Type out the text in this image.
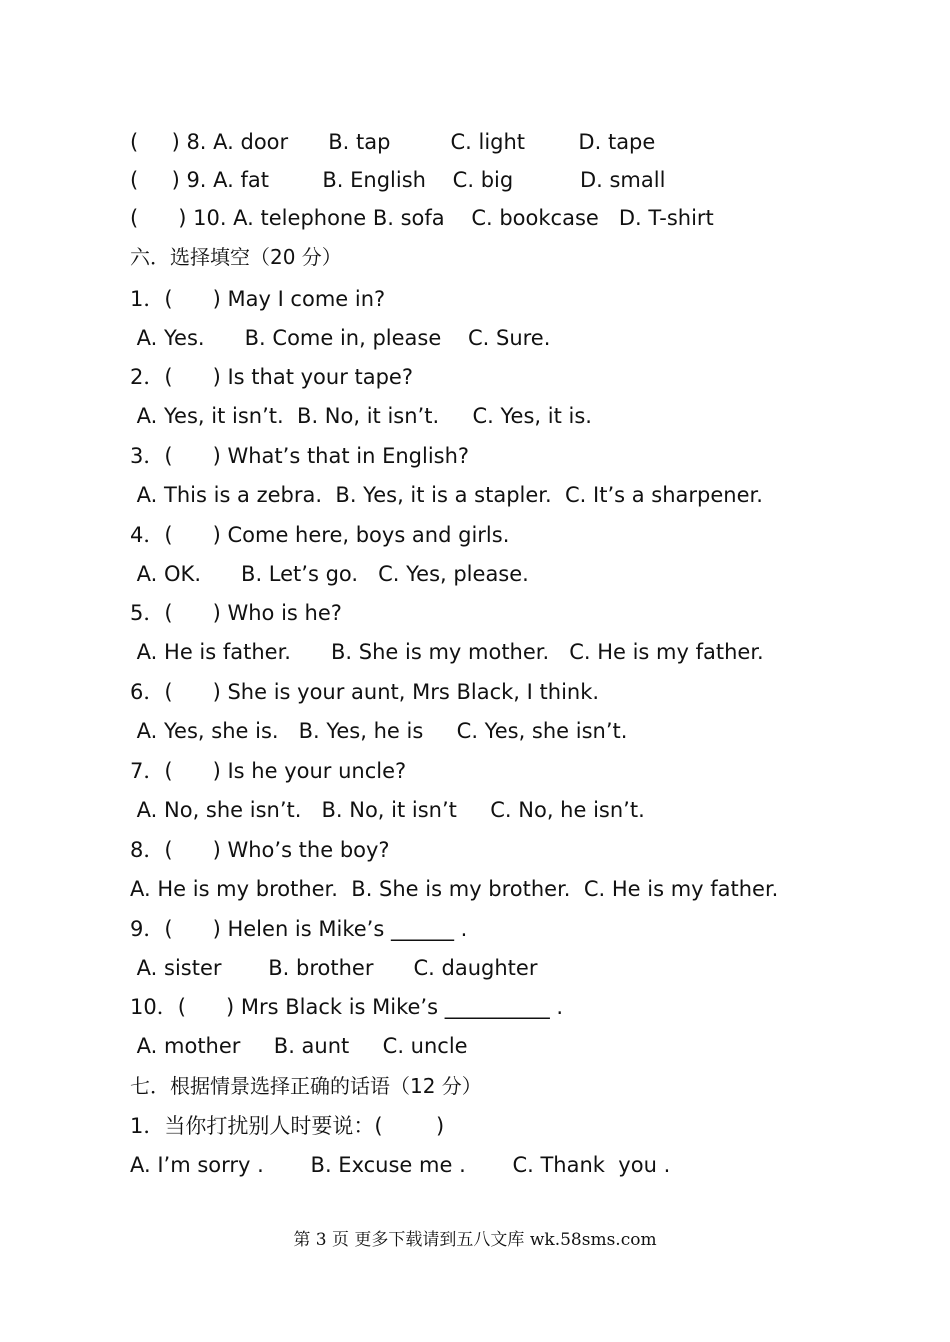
(     ) 8. A. door      B. tap         C. light        D. tape
(     ) 9. A. fat        B. English    C. big          D. small
(      ) 10. A. telephone B. sofa    C. bookcase   D. T-shirt
六．选择填空（20 分）
1．(      ) May I come in?
A. Yes.      B. Come in, please    C. Sure.
2．(      ) Is that your tape?
A. Yes, it isn’t.  B. No, it isn’t.     C. Yes, it is.
3．(      ) What’s that in English?
A. This is a zebra.  B. Yes, it is a stapler.  C. It’s a sharpener.
4．(      ) Come here, boys and girls.
A. OK.      B. Let’s go.   C. Yes, please.
5．(      ) Who is he?
A. He is father.      B. She is my mother.   C. He is my father.
6．(      ) She is your aunt, Mrs Black, I think.
A. Yes, she is.   B. Yes, he is     C. Yes, she isn’t.
7．(      ) Is he your uncle?
A. No, she isn’t.   B. No, it isn’t     C. No, he isn’t.
8．(      ) Who’s the boy?
A. He is my brother.  B. She is my brother.  C. He is my father.
9．(      ) Helen is Mike’s ______ .
A. sister       B. brother      C. daughter
10．(      ) Mrs Black is Mike’s __________ .
A. mother     B. aunt     C. uncle
七．根据情景选择正确的话语（12 分）
1．当你打扰别人时要说：(        )
A. I’m sorry .       B. Excuse me .       C. Thank  you .
第 3 页 更多下载请到五八文库 wk.58sms.com
